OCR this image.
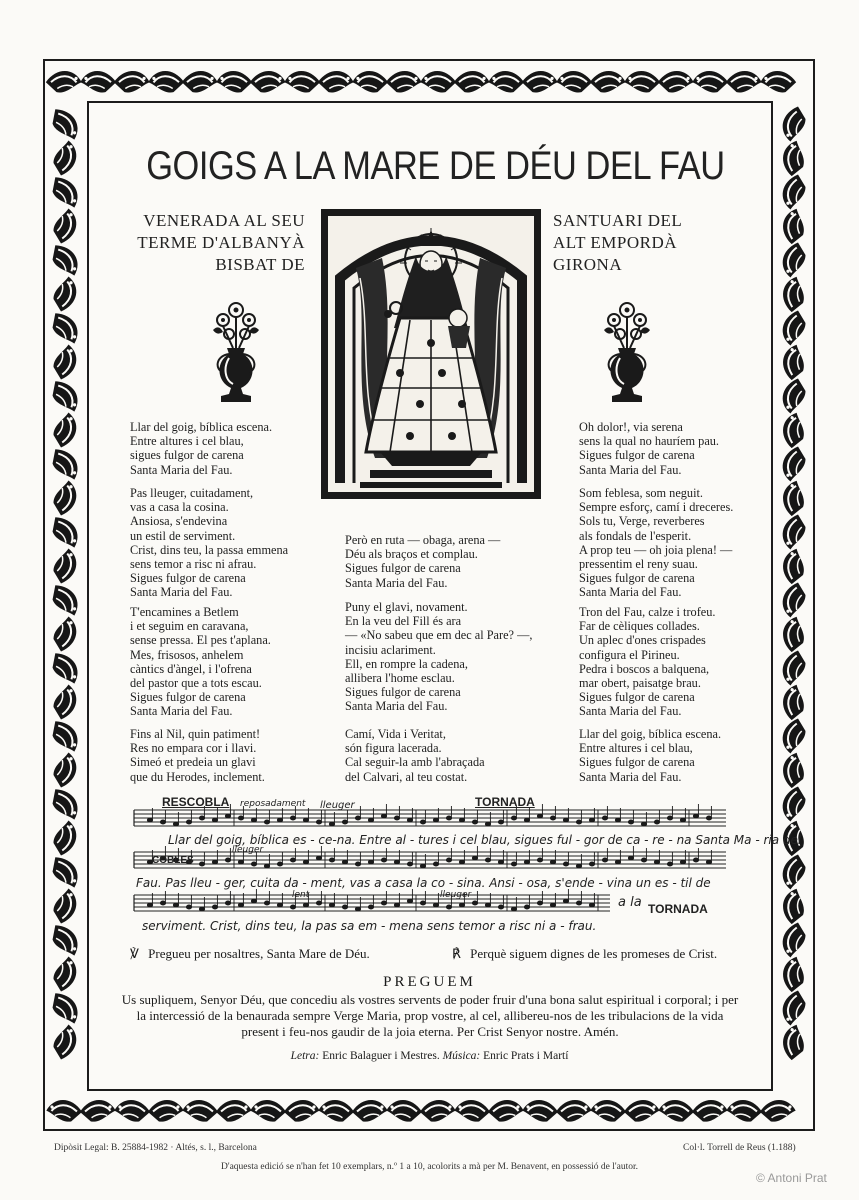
GOIGS A LA MARE DE DÉU DEL FAU
VENERADA AL SEU
TERME D'ALBANYÀ
BISBAT DE
SANTUARI DEL
ALT EMPORDÀ
GIRONA
Llar del goig, bíblica escena.
Entre altures i cel blau,
sigues fulgor de carena
Santa Maria del Fau.
Pas lleuger, cuitadament,
vas a casa la cosina.
Ansiosa, s'endevina
un estil de serviment.
Crist, dins teu, la passa emmena
sens temor a risc ni afrau.
Sigues fulgor de carena
Santa Maria del Fau.
T'encamines a Betlem
i et seguim en caravana,
sense pressa. El pes t'aplana.
Mes, frisosos, anhelem
càntics d'àngel, i l'ofrena
del pastor que a tots escau.
Sigues fulgor de carena
Santa Maria del Fau.
Fins al Nil, quin patiment!
Res no empara cor i llavi.
Simeó et predeia un glavi
que du Herodes, inclement.
Però en ruta — obaga, arena —
Déu als braços et complau.
Sigues fulgor de carena
Santa Maria del Fau.
Puny el glavi, novament.
En la veu del Fill és ara
— «No sabeu que em dec al Pare? —,
incisiu aclariment.
Ell, en rompre la cadena,
allibera l'home esclau.
Sigues fulgor de carena
Santa Maria del Fau.
Camí, Vida i Veritat,
són figura lacerada.
Cal seguir-la amb l'abraçada
del Calvari, al teu costat.
Oh dolor!, via serena
sens la qual no hauríem pau.
Sigues fulgor de carena
Santa Maria del Fau.
Som feblesa, som neguit.
Sempre esforç, camí i dreceres.
Sols tu, Verge, reverberes
als fondals de l'esperit.
A prop teu — oh joia plena! —
pressentim el reny suau.
Sigues fulgor de carena
Santa Maria del Fau.
Tron del Fau, calze i trofeu.
Far de cèliques collades.
Un aplec d'ones crispades
configura el Pirineu.
Pedra i boscos a balquena,
mar obert, paisatge brau.
Sigues fulgor de carena
Santa Maria del Fau.
Llar del goig, bíblica escena.
Entre altures i cel blau,
Sigues fulgor de carena
Santa Maria del Fau.
RESCOBLA reposadament lleuger	TORNADA
Llar del goig, bíblica es - ce-na. Entre al - tures i cel blau, sigues ful - gor de ca - re - na Santa Ma - ria del
COBLES
lleuger
Fau. Pas lleu - ger, cuita da - ment, vas a casa la co - sina. Ansi - osa, s'ende - vina un es - til de
lent	lleuger
serviment. Crist, dins teu, la pas sa em - mena sens temor a risc ni a - frau.
a la TORNADA
℣ Pregueu per nosaltres, Santa Mare de Déu.	℟ Perquè siguem dignes de les promeses de Crist.
PREGUEM
Us supliquem, Senyor Déu, que concediu als vostres servents de poder fruir d'una bona salut espiritual i corporal; i per la intercessió de la benaurada sempre Verge Maria, prop vostre, al cel, allibereu-nos de les tribulacions de la vida present i feu-nos gaudir de la joia eterna. Per Crist Senyor nostre. Amén.
Letra: Enric Balaguer i Mestres. Música: Enric Prats i Martí
Dipòsit Legal: B. 25884-1982 · Altés, s. l., Barcelona	Col·l. Torrell de Reus (1.188)
D'aquesta edició se n'han fet 10 exemplars, n.º 1 a 10, acolorits a mà per M. Benavent, en possessió de l'autor.
© Antoni Prat
